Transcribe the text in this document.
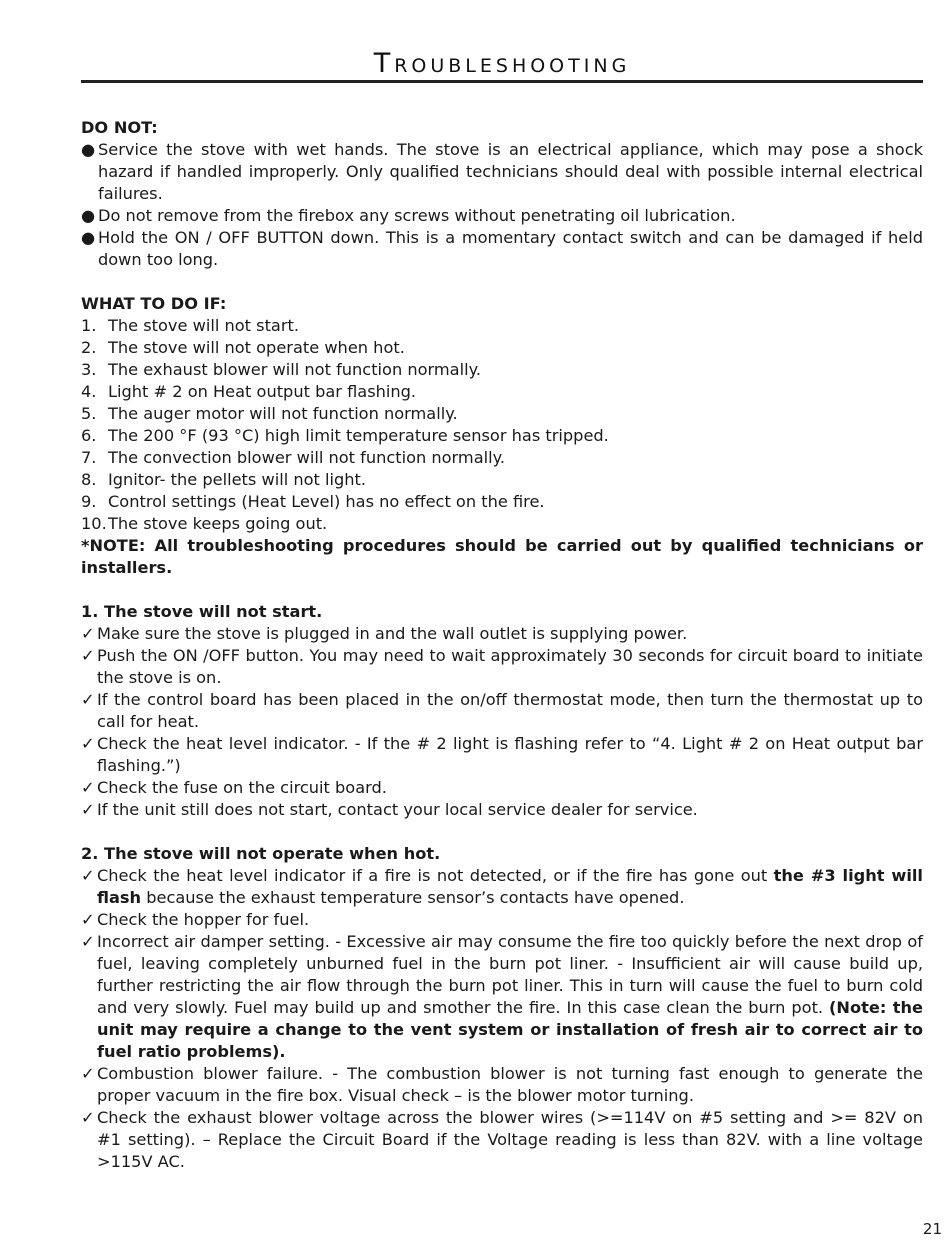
Troubleshooting

DO NOT:

● Service the stove with wet hands. The stove is an electrical appliance, which may pose a shock hazard if handled improperly. Only qualified technicians should deal with possible internal electrical failures.
● Do not remove from the firebox any screws without penetrating oil lubrication.
● Hold the ON / OFF BUTTON down. This is a momentary contact switch and can be damaged if held down too long.

WHAT TO DO IF:

1. The stove will not start.
2. The stove will not operate when hot.
3. The exhaust blower will not function normally.
4. Light # 2 on Heat output bar flashing.
5. The auger motor will not function normally.
6. The 200 °F (93 °C) high limit temperature sensor has tripped.
7. The convection blower will not function normally.
8. Ignitor- the pellets will not light.
9. Control settings (Heat Level) has no effect on the fire.
10. The stove keeps going out.

*NOTE: All troubleshooting procedures should be carried out by qualified technicians or installers.

1. The stove will not start.

✓ Make sure the stove is plugged in and the wall outlet is supplying power.
✓ Push the ON /OFF button. You may need to wait approximately 30 seconds for circuit board to initiate the stove is on.
✓ If the control board has been placed in the on/off thermostat mode, then turn the thermostat up to call for heat.
✓ Check the heat level indicator. - If the # 2 light is flashing refer to “4. Light # 2 on Heat output bar flashing.”)
✓ Check the fuse on the circuit board.
✓ If the unit still does not start, contact your local service dealer for service.

2. The stove will not operate when hot.

✓ Check the heat level indicator if a fire is not detected, or if the fire has gone out the #3 light will flash because the exhaust temperature sensor’s contacts have opened.
✓ Check the hopper for fuel.
✓ Incorrect air damper setting. - Excessive air may consume the fire too quickly before the next drop of fuel, leaving completely unburned fuel in the burn pot liner. - Insufficient air will cause build up, further restricting the air flow through the burn pot liner. This in turn will cause the fuel to burn cold and very slowly. Fuel may build up and smother the fire. In this case clean the burn pot. (Note: the unit may require a change to the vent system or installation of fresh air to correct air to fuel ratio problems).
✓ Combustion blower failure. - The combustion blower is not turning fast enough to generate the proper vacuum in the fire box. Visual check – is the blower motor turning.
✓ Check the exhaust blower voltage across the blower wires (>=114V on #5 setting and >= 82V on #1 setting). – Replace the Circuit Board if the Voltage reading is less than 82V. with a line voltage >115V AC.
21
